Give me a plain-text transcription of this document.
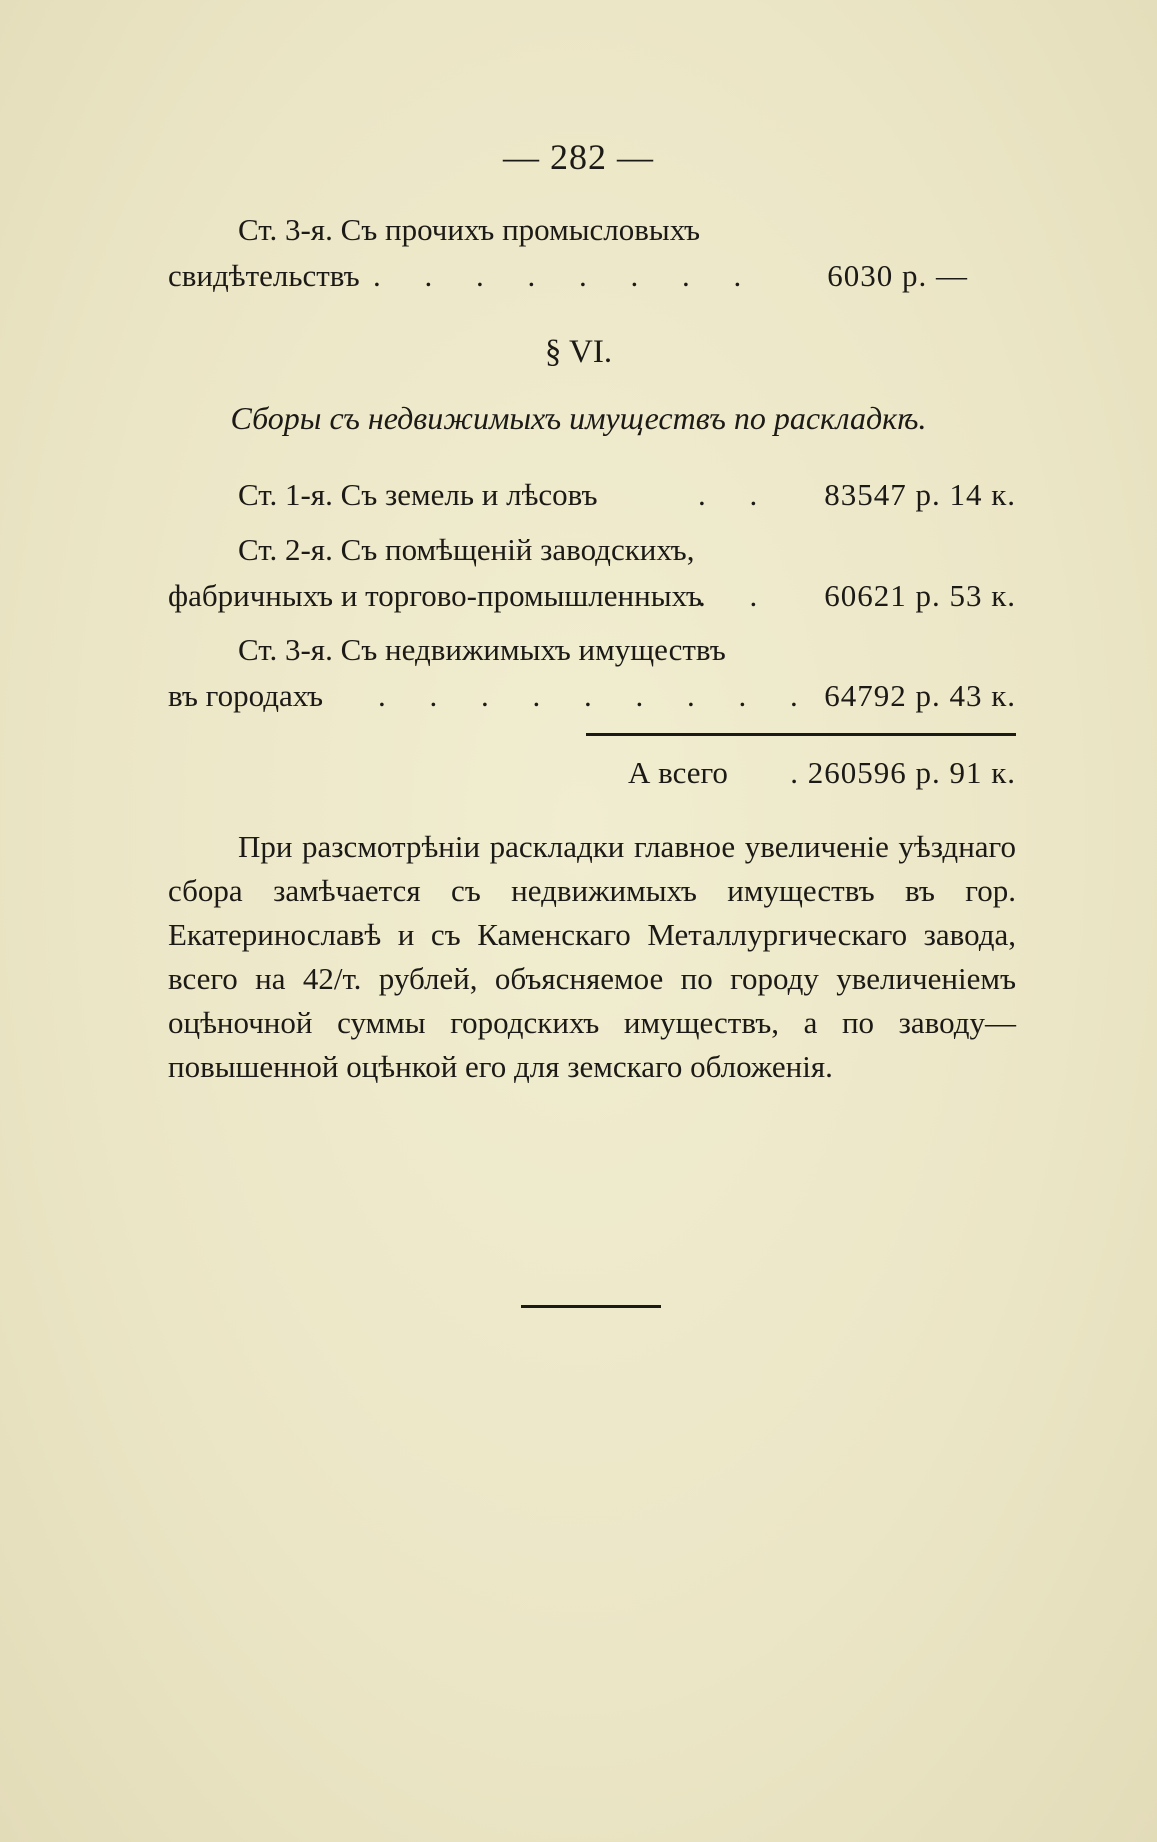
— 282 —
Ст. 3-я. Съ прочихъ промысловыхъ
свидѣтельствъ . . . . . . . . 6030 р. —
§ VI.
Сборы съ недвижимыхъ имуществъ по раскладкѣ.
Ст. 1-я. Съ земель и лѣсовъ	. . 83547 р. 14 к.
Ст. 2-я. Съ помѣщеній заводскихъ,
фабричныхъ и торгово-промышленныхъ
. . 60621 р. 53 к.
Ст. 3-я. Съ недвижимыхъ имуществъ
въ городахъ . . . . . . . . . 64792 р. 43 к.
А всего . 260596 р. 91 к.

При разсмотрѣніи раскладки главное увеличеніе уѣзднаго сбора замѣчается съ недвижимыхъ имуществъ въ гор. Екатеринославѣ и съ Каменскаго Металлургическаго завода, всего на 42/т. рублей, объясняемое по городу увеличеніемъ оцѣночной суммы городскихъ имуществъ, а по заводу—повышенной оцѣнкой его для земскаго обложенія.
